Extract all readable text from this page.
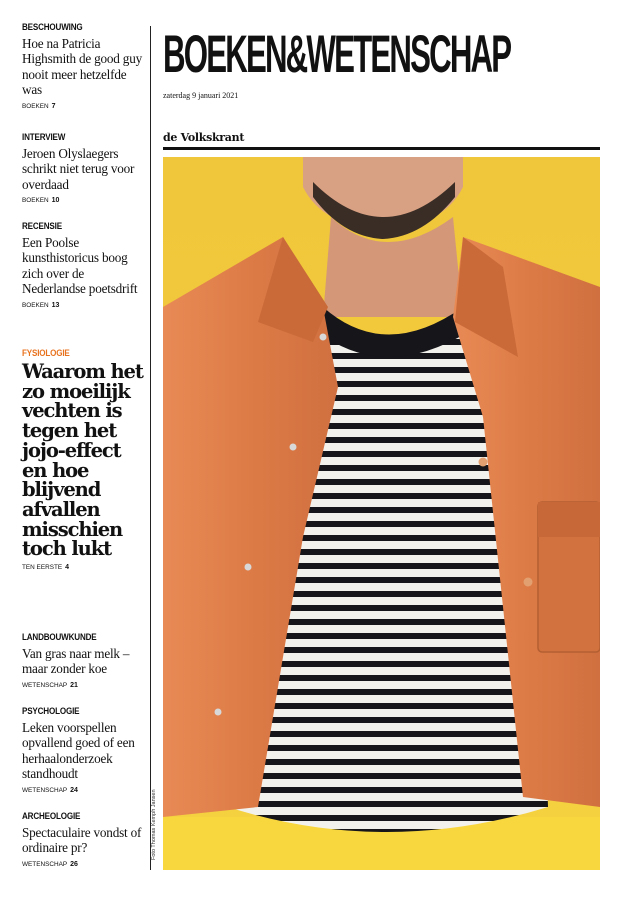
BESCHOUWING

Hoe na Patricia Highsmith de good guy nooit meer hetzelfde was

BOEKEN 7
INTERVIEW

Jeroen Olyslaegers schrikt niet terug voor overdaad

BOEKEN 10
RECENSIE

Een Poolse kunsthistoricus boog zich over de Nederlandse poetsdrift

BOEKEN 13
FYSIOLOGIE

Waarom het zo moeilijk vechten is tegen het jojo-effect en hoe blijvend afvallen misschien toch lukt

TEN EERSTE 4
LANDBOUWKUNDE

Van gras naar melk – maar zonder koe

WETENSCHAP 21
PSYCHOLOGIE

Leken voorspellen opvallend goed of een herhaalonderzoek standhoudt

WETENSCHAP 24
ARCHEOLOGIE

Spectaculaire vondst of ordinaire pr?

WETENSCHAP 26
BOEKEN&WETENSCHAP
zaterdag 9 januari 2021
de Volkskrant
Foto Thomas Kemph Jansen
